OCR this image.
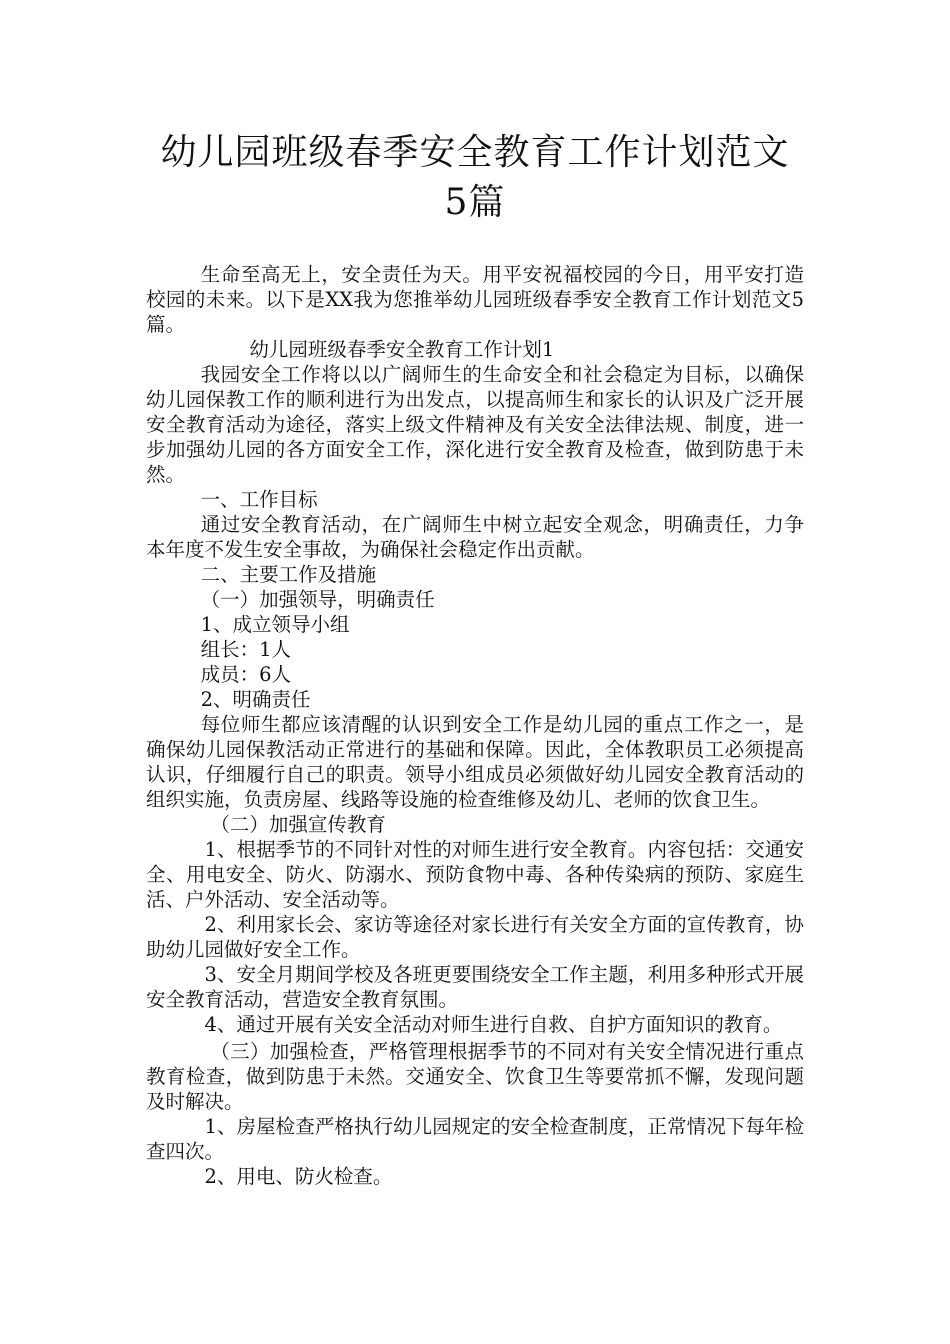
幼儿园班级春季安全教育工作计划范文5篇

生命至高无上，安全责任为天。用平安祝福校园的今日，用平安打造校园的未来。以下是XX我为您推举幼儿园班级春季安全教育工作计划范文5篇。

幼儿园班级春季安全教育工作计划1

我园安全工作将以以广阔师生的生命安全和社会稳定为目标，以确保幼儿园保教工作的顺利进行为出发点，以提高师生和家长的认识及广泛开展安全教育活动为途径，落实上级文件精神及有关安全法律法规、制度，进一步加强幼儿园的各方面安全工作，深化进行安全教育及检查，做到防患于未然。

一、工作目标

通过安全教育活动，在广阔师生中树立起安全观念，明确责任，力争本年度不发生安全事故，为确保社会稳定作出贡献。

二、主要工作及措施

（一）加强领导，明确责任

1、成立领导小组

组长：1人

成员：6人

2、明确责任

每位师生都应该清醒的认识到安全工作是幼儿园的重点工作之一，是确保幼儿园保教活动正常进行的基础和保障。因此，全体教职员工必须提高认识，仔细履行自己的职责。领导小组成员必须做好幼儿园安全教育活动的组织实施，负责房屋、线路等设施的检查维修及幼儿、老师的饮食卫生。

（二）加强宣传教育

1、根据季节的不同针对性的对师生进行安全教育。内容包括：交通安全、用电安全、防火、防溺水、预防食物中毒、各种传染病的预防、家庭生活、户外活动、安全活动等。

2、利用家长会、家访等途径对家长进行有关安全方面的宣传教育，协助幼儿园做好安全工作。

3、安全月期间学校及各班更要围绕安全工作主题，利用多种形式开展安全教育活动，营造安全教育氛围。

4、通过开展有关安全活动对师生进行自救、自护方面知识的教育。

（三）加强检查，严格管理根据季节的不同对有关安全情况进行重点教育检查，做到防患于未然。交通安全、饮食卫生等要常抓不懈，发现问题及时解决。

1、房屋检查严格执行幼儿园规定的安全检查制度，正常情况下每年检查四次。

2、用电、防火检查。
